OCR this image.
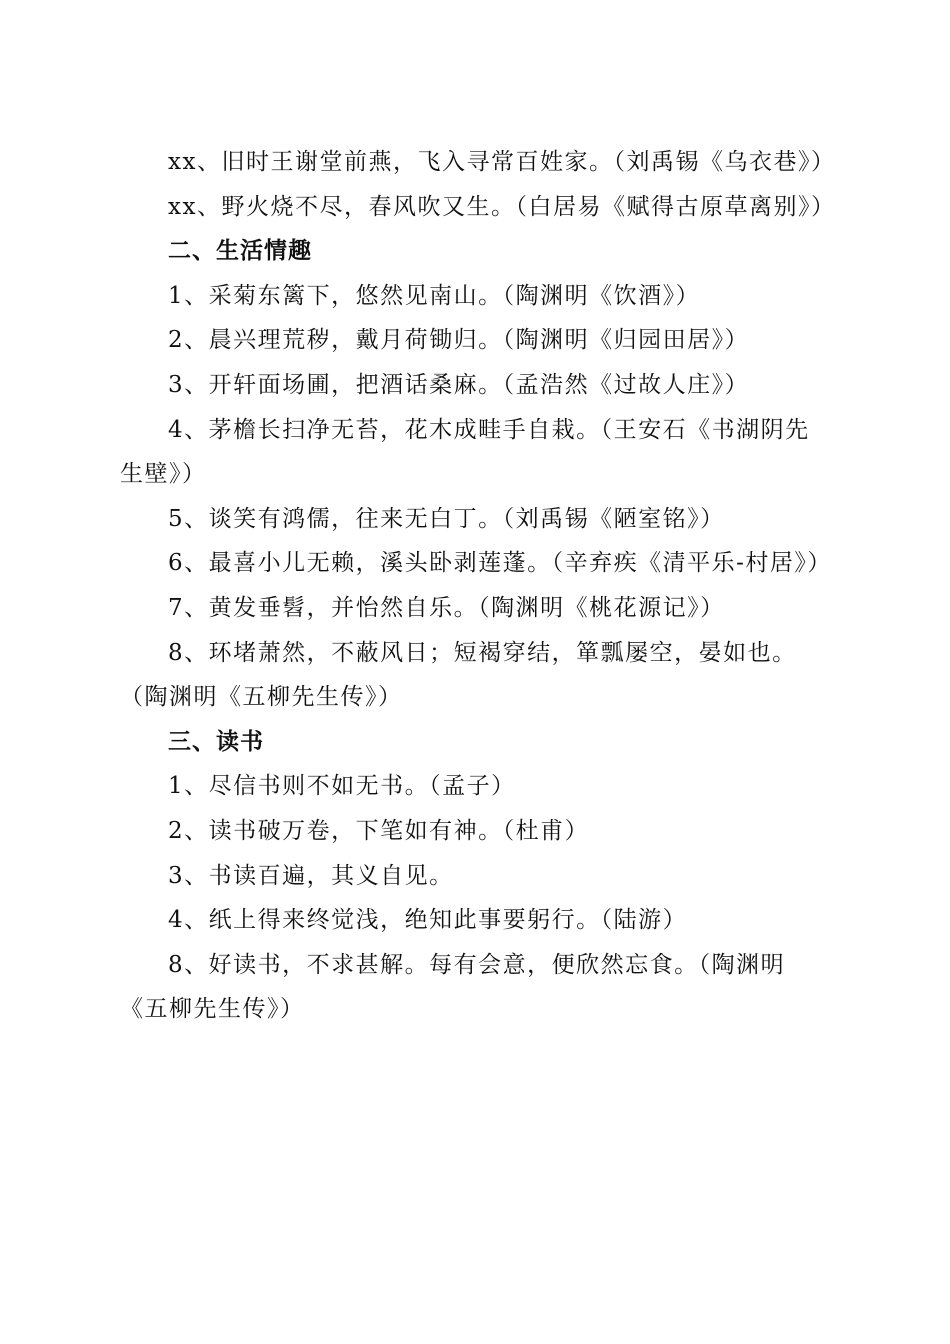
xx、旧时王谢堂前燕，飞入寻常百姓家。（刘禹锡《乌衣巷》）

xx、野火烧不尽，春风吹又生。（白居易《赋得古原草离别》）

二、生活情趣

1、采菊东篱下，悠然见南山。（陶渊明《饮酒》）

2、晨兴理荒秽，戴月荷锄归。（陶渊明《归园田居》）

3、开轩面场圃，把酒话桑麻。（孟浩然《过故人庄》）

4、茅檐长扫净无苔，花木成畦手自栽。（王安石《书湖阴先生壁》）

5、谈笑有鸿儒，往来无白丁。（刘禹锡《陋室铭》）

6、最喜小儿无赖，溪头卧剥莲蓬。（辛弃疾《清平乐-村居》）

7、黄发垂髫，并怡然自乐。（陶渊明《桃花源记》）

8、环堵萧然，不蔽风日；短褐穿结，箪瓢屡空，晏如也。（陶渊明《五柳先生传》）

三、读书

1、尽信书则不如无书。（孟子）

2、读书破万卷，下笔如有神。（杜甫）

3、书读百遍，其义自见。

4、纸上得来终觉浅，绝知此事要躬行。（陆游）

8、好读书，不求甚解。每有会意，便欣然忘食。（陶渊明《五柳先生传》）
